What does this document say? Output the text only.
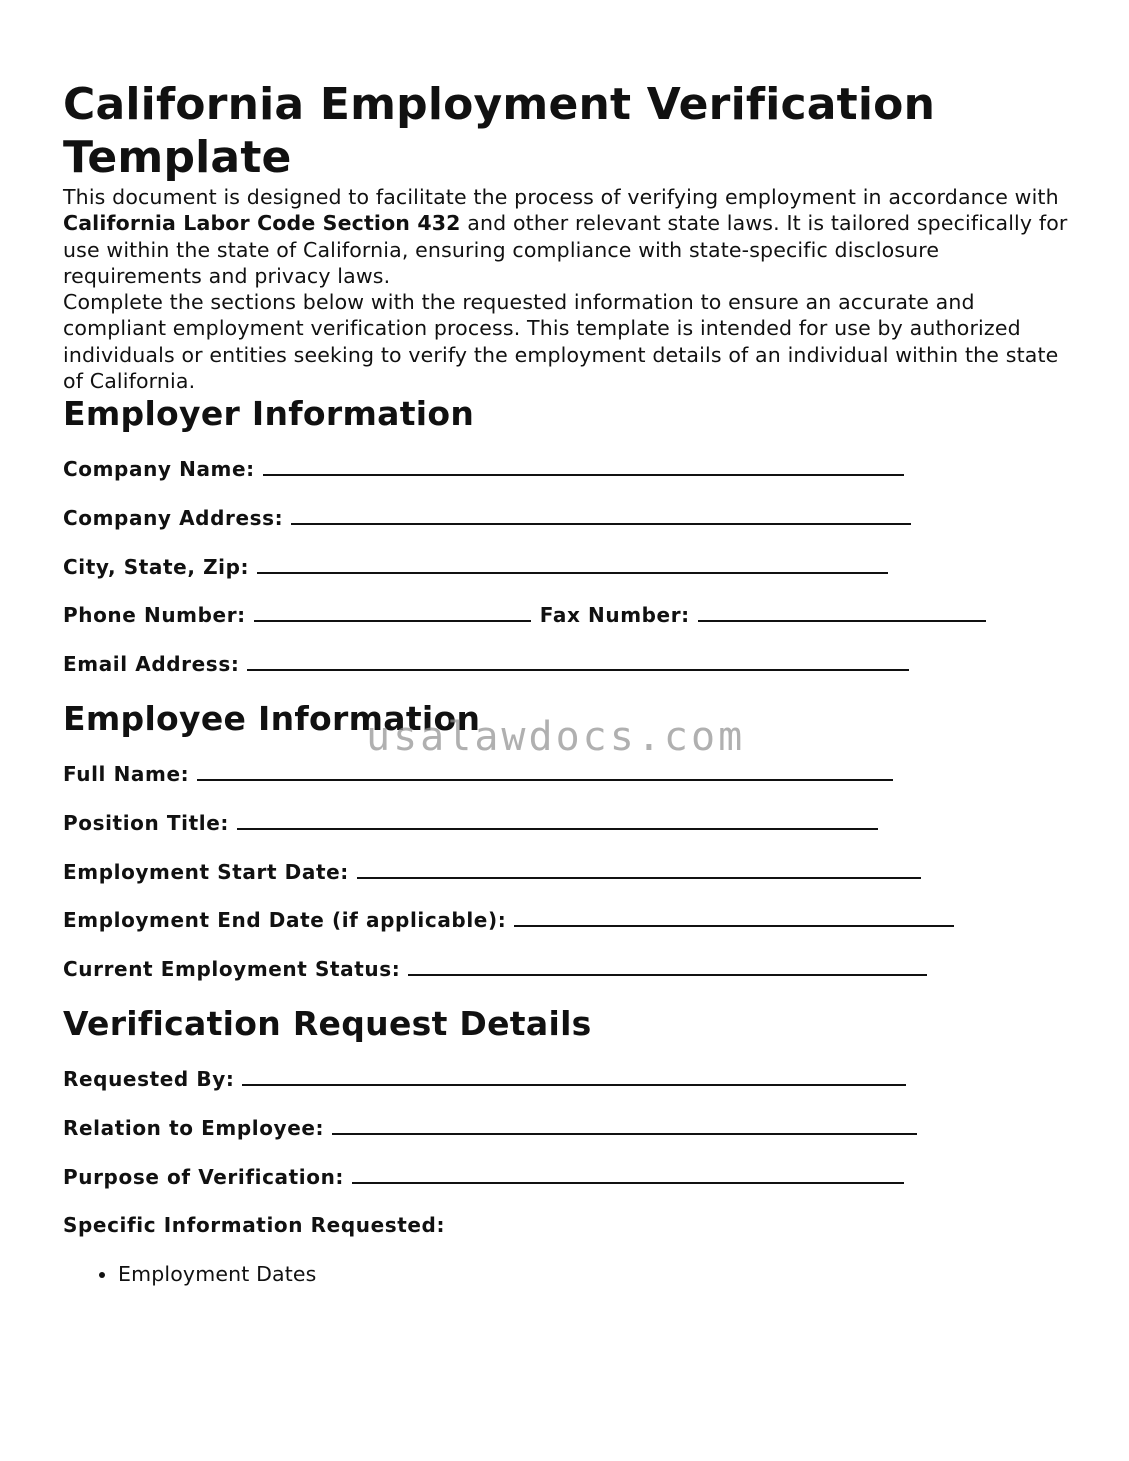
California Employment Verification Template

This document is designed to facilitate the process of verifying employment in accordance with California Labor Code Section 432 and other relevant state laws. It is tailored specifically for use within the state of California, ensuring compliance with state-specific disclosure requirements and privacy laws.

Complete the sections below with the requested information to ensure an accurate and compliant employment verification process. This template is intended for use by authorized individuals or entities seeking to verify the employment details of an individual within the state of California.

Employer Information
Company Name:
Company Address:
City, State, Zip:
Phone Number:	Fax Number:
Email Address:
Employee Information
Full Name:
Position Title:
Employment Start Date:
Employment End Date (if applicable):
Current Employment Status:
Verification Request Details
Requested By:
Relation to Employee:
Purpose of Verification:
Specific Information Requested:
• Employment Dates
usalawdocs.com
